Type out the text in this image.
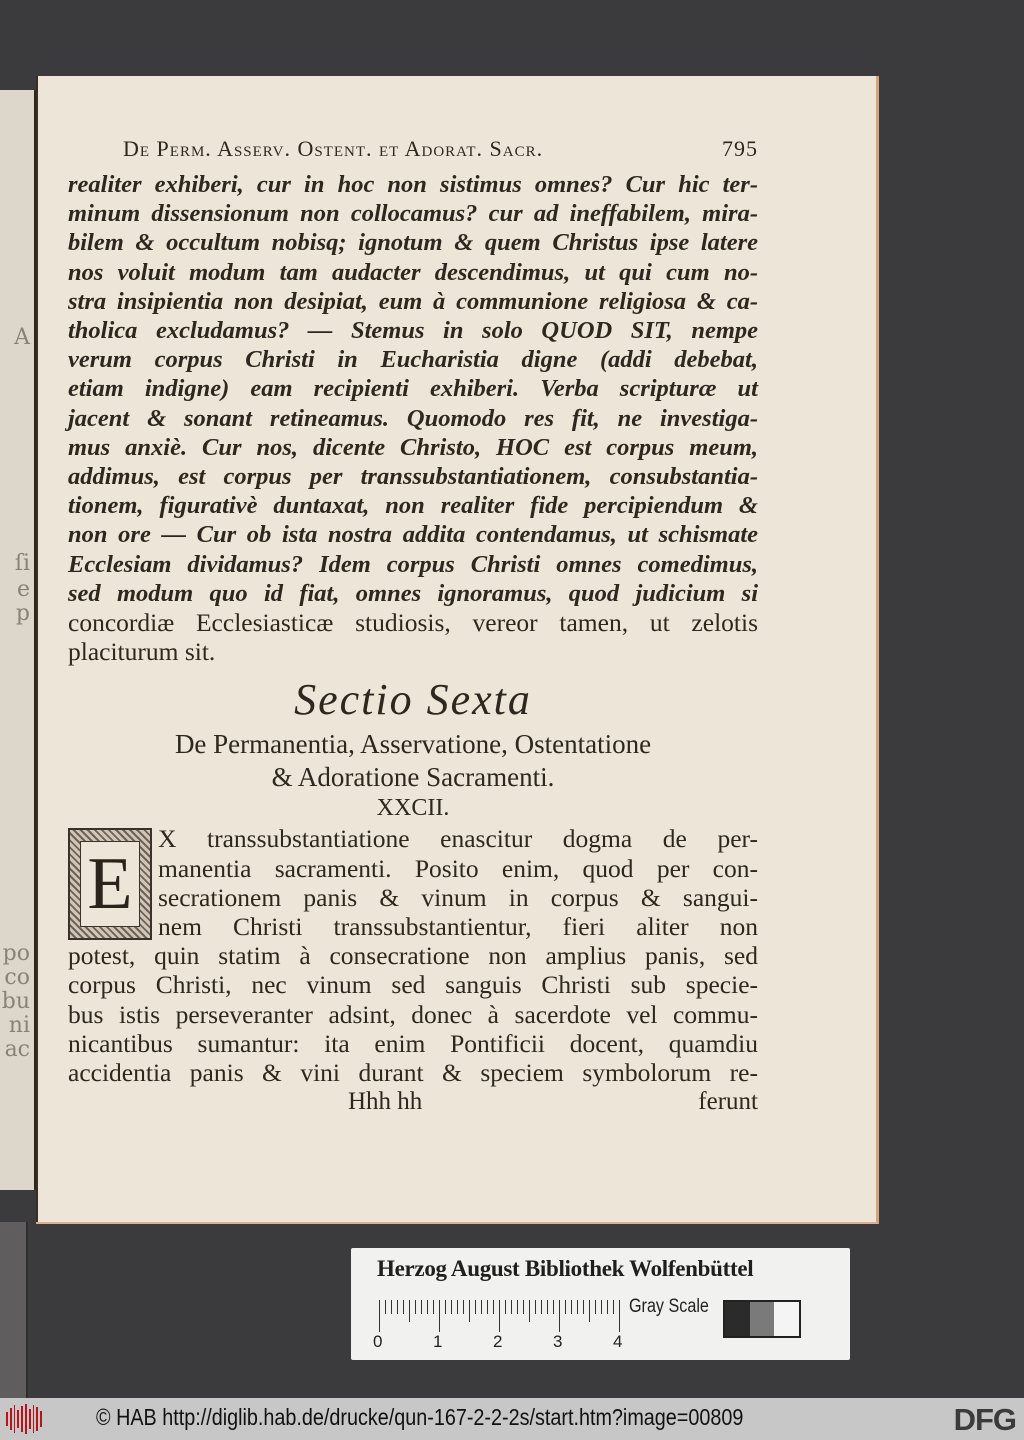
A
ſi
e
p
po
co
bu
ni
ac
De Perm. Asserv. Ostent. et Adorat. Sacr.	795
realiter exhiberi, cur in hoc non sistimus omnes? Cur hic ter-
minum dissensionum non collocamus? cur ad ineffabilem, mira-
bilem & occultum nobisq; ignotum & quem Christus ipse latere
nos voluit modum tam audacter descendimus, ut qui cum no-
stra insipientia non desipiat, eum à communione religiosa & ca-
tholica excludamus? — Stemus in solo QUOD SIT, nempe
verum corpus Christi in Eucharistia digne (addi debebat,
etiam indigne) eam recipienti exhiberi. Verba scripturæ ut
jacent & sonant retineamus. Quomodo res fit, ne investiga-
mus anxiè. Cur nos, dicente Christo, HOC est corpus meum,
addimus, est corpus per transsubstantiationem, consubstantia-
tionem, figurativè duntaxat, non realiter fide percipiendum &
non ore — Cur ob ista nostra addita contendamus, ut schismate
Ecclesiam dividamus? Idem corpus Christi omnes comedimus,
sed modum quo id fiat, omnes ignoramus, quod judicium si
concordiæ Ecclesiasticæ studiosis, vereor tamen, ut zelotis
placiturum sit.
Sectio Sexta
De Permanentia, Asservatione, Ostentatione
& Adoratione Sacramenti.
XXCII.
E
X transsubstantiatione enascitur dogma de per-
manentia sacramenti. Posito enim, quod per con-
secrationem panis & vinum in corpus & sangui-
nem Christi transsubstantientur, fieri aliter non
potest, quin statim à consecratione non amplius panis, sed
corpus Christi, nec vinum sed sanguis Christi sub specie-
bus istis perseveranter adsint, donec à sacerdote vel commu-
nicantibus sumantur: ita enim Pontificii docent, quamdiu
accidentia panis & vini durant & speciem symbolorum re-
Hhh hh	ferunt
Herzog August Bibliothek Wolfenbüttel
0	1	2	3	4
Gray Scale
© HAB http://diglib.hab.de/drucke/qun-167-2-2-2s/start.htm?image=00809	DFG
